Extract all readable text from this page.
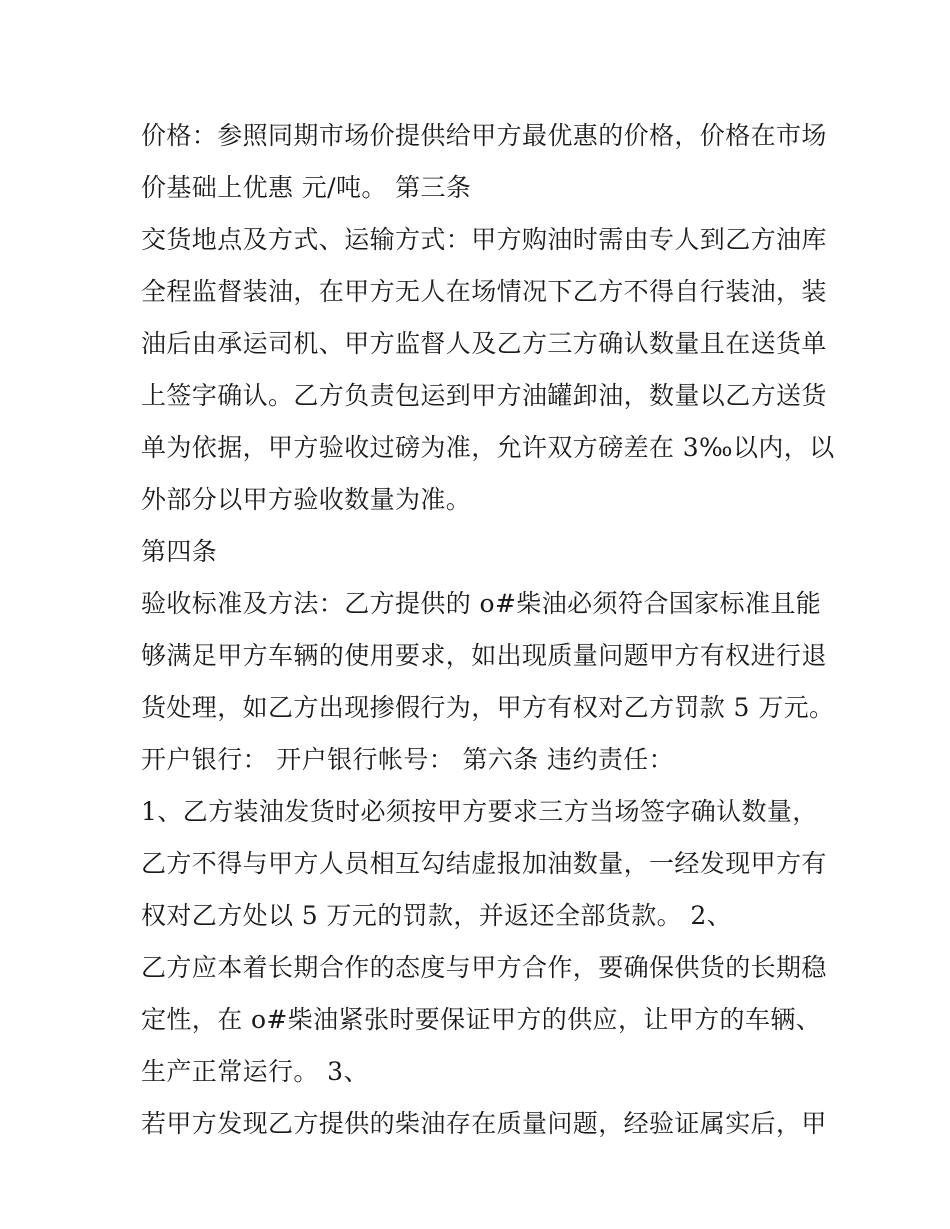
价格：参照同期市场价提供给甲方最优惠的价格，价格在市场
价基础上优惠 元/吨。 第三条
交货地点及方式、运输方式：甲方购油时需由专人到乙方油库
全程监督装油，在甲方无人在场情况下乙方不得自行装油，装
油后由承运司机、甲方监督人及乙方三方确认数量且在送货单
上签字确认。乙方负责包运到甲方油罐卸油，数量以乙方送货
单为依据，甲方验收过磅为准，允许双方磅差在 3‰以内，以
外部分以甲方验收数量为准。
第四条
验收标准及方法：乙方提供的 o#柴油必须符合国家标准且能
够满足甲方车辆的使用要求，如出现质量问题甲方有权进行退
货处理，如乙方出现掺假行为，甲方有权对乙方罚款 5 万元。
开户银行： 开户银行帐号： 第六条 违约责任：
1、乙方装油发货时必须按甲方要求三方当场签字确认数量，
乙方不得与甲方人员相互勾结虚报加油数量，一经发现甲方有
权对乙方处以 5 万元的罚款，并返还全部货款。 2、
乙方应本着长期合作的态度与甲方合作，要确保供货的长期稳
定性，在 o#柴油紧张时要保证甲方的供应，让甲方的车辆、
生产正常运行。 3、
若甲方发现乙方提供的柴油存在质量问题，经验证属实后，甲
